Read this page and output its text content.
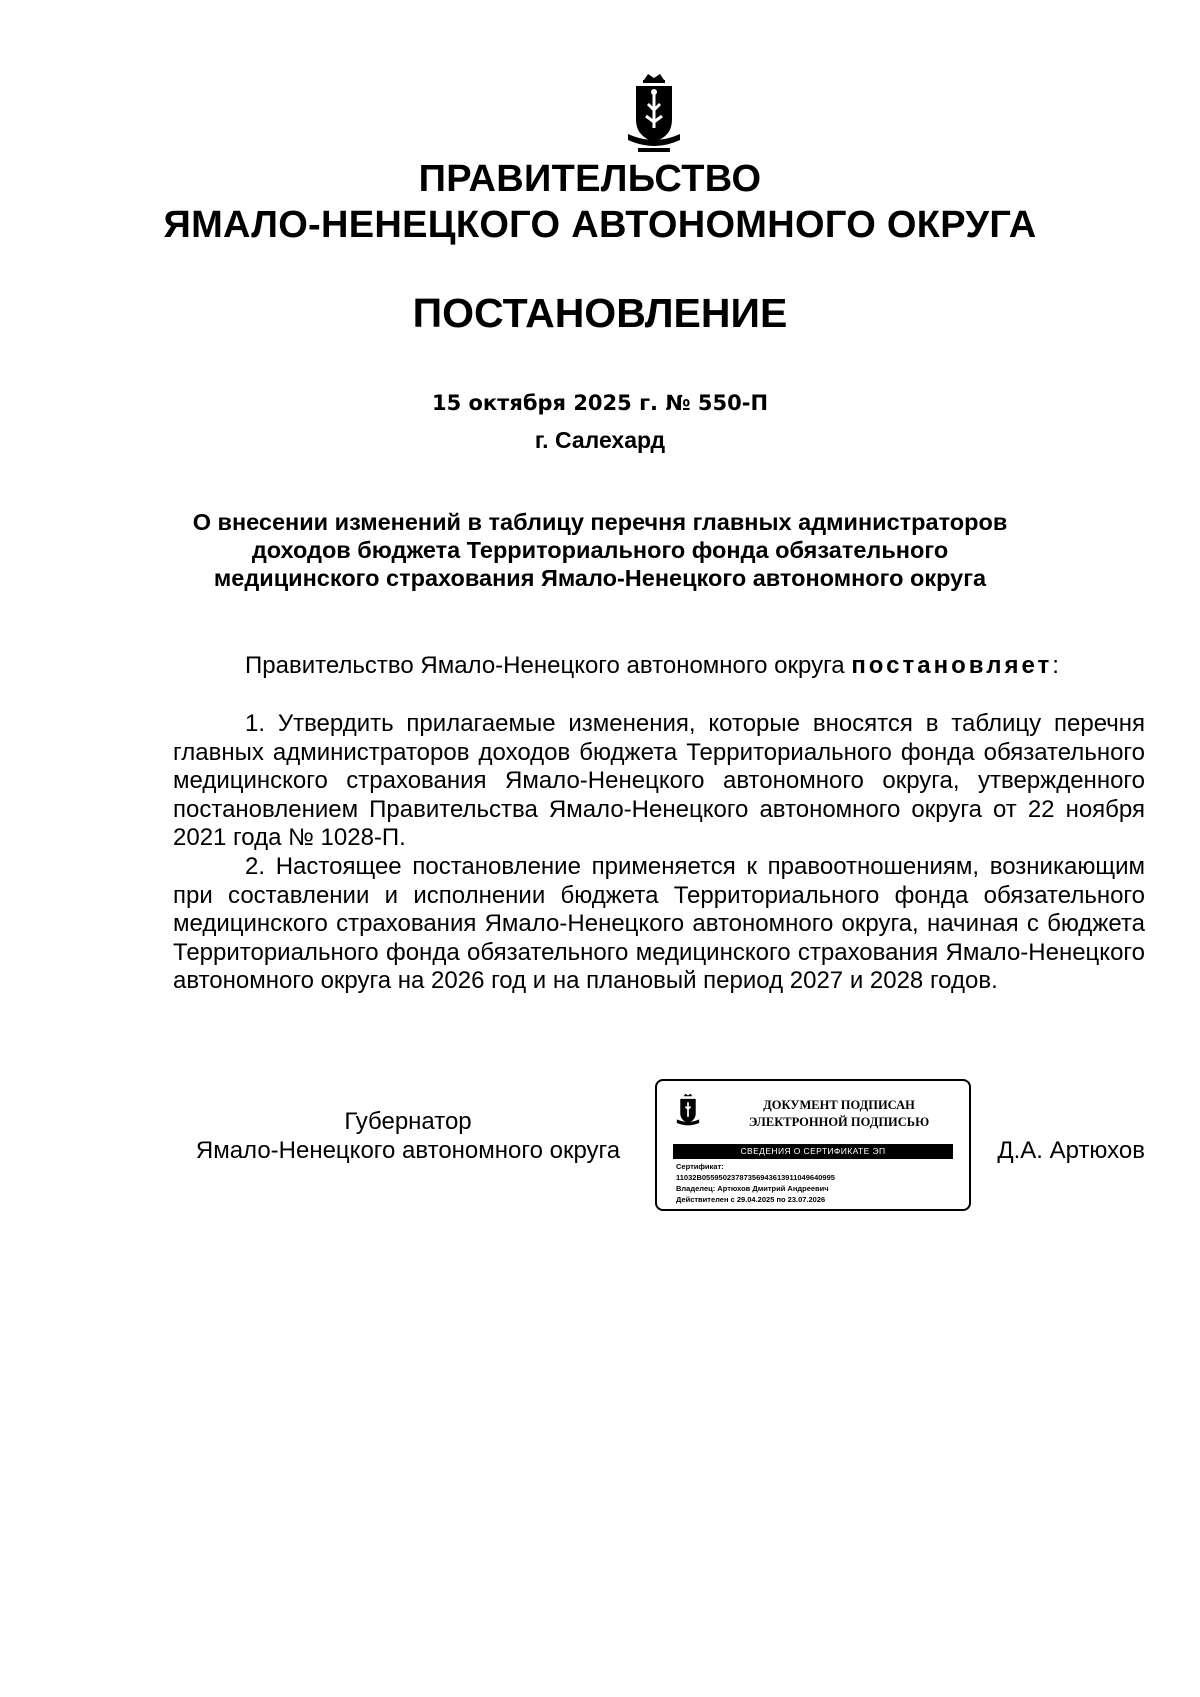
ПРАВИТЕЛЬСТВО
ЯМАЛО-НЕНЕЦКОГО АВТОНОМНОГО ОКРУГА
ПОСТАНОВЛЕНИЕ
15 октября 2025 г. № 550-П
г. Салехард
О внесении изменений в таблицу перечня главных администраторов доходов бюджета Территориального фонда обязательного медицинского страхования Ямало-Ненецкого автономного округа
Правительство Ямало-Ненецкого автономного округа постановляет:
1. Утвердить прилагаемые изменения, которые вносятся в таблицу перечня главных администраторов доходов бюджета Территориального фонда обязательного медицинского страхования Ямало-Ненецкого автономного округа, утвержденного постановлением Правительства Ямало-Ненецкого автономного округа от 22 ноября 2021 года № 1028-П.
2. Настоящее постановление применяется к правоотношениям, возникающим при составлении и исполнении бюджета Территориального фонда обязательного медицинского страхования Ямало-Ненецкого автономного округа, начиная с бюджета Территориального фонда обязательного медицинского страхования Ямало-Ненецкого автономного округа на 2026 год и на плановый период 2027 и 2028 годов.
Губернатор
Ямало-Ненецкого автономного округа
ДОКУМЕНТ ПОДПИСАН
ЭЛЕКТРОННОЙ ПОДПИСЬЮ
СВЕДЕНИЯ О СЕРТИФИКАТЕ ЭП
Сертификат:
11032B05595023787356943613911049640995
Владелец: Артюхов Дмитрий Андреевич
Действителен с 29.04.2025 по 23.07.2026
Д.А. Артюхов
